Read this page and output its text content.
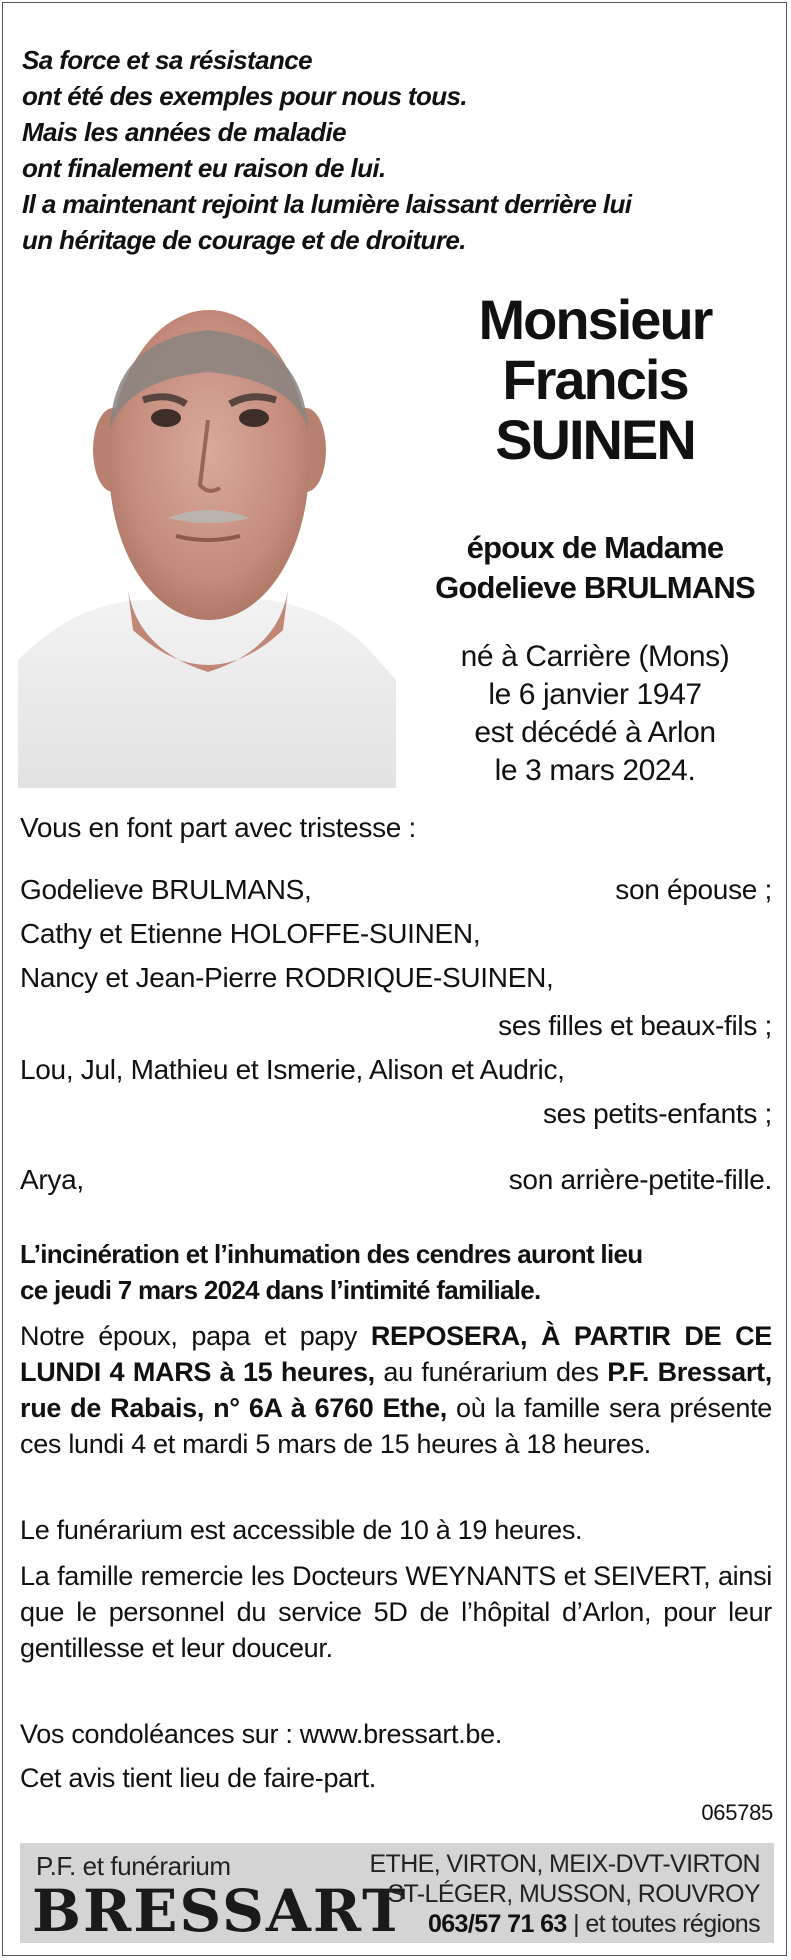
Sa force et sa résistance
ont été des exemples pour nous tous.
Mais les années de maladie
ont finalement eu raison de lui.
Il a maintenant rejoint la lumière laissant derrière lui
un héritage de courage et de droiture.
Monsieur
Francis
SUINEN
époux de Madame
Godelieve BRULMANS
né à Carrière (Mons)
le 6 janvier 1947
est décédé à Arlon
le 3 mars 2024.
Vous en font part avec tristesse :
Godelieve BRULMANS,	son épouse ;
Cathy et Etienne HOLOFFE-SUINEN,
Nancy et Jean-Pierre RODRIQUE-SUINEN,
ses filles et beaux-fils ;
Lou, Jul, Mathieu et Ismerie, Alison et Audric,
ses petits-enfants ;
Arya,	son arrière-petite-fille.
L’incinération et l’inhumation des cendres auront lieu
ce jeudi 7 mars 2024 dans l’intimité familiale.
Notre époux, papa et papy REPOSERA, À PARTIR DE CE LUNDI 4 MARS à 15 heures, au funérarium des P.F. Bressart, rue de Rabais, n° 6A à 6760 Ethe, où la famille sera présente ces lundi 4 et mardi 5 mars de 15 heures à 18 heures.
Le funérarium est accessible de 10 à 19 heures.
La famille remercie les Docteurs WEYNANTS et SEIVERT, ainsi que le personnel du service 5D de l’hôpital d’Arlon, pour leur gentillesse et leur douceur.
Vos condoléances sur : www.bressart.be.
Cet avis tient lieu de faire-part.
065785
P.F. et funérarium
BRESSART
ETHE, VIRTON, MEIX-DVT-VIRTON
ST-LÉGER, MUSSON, ROUVROY
063/57 71 63 | et toutes régions
